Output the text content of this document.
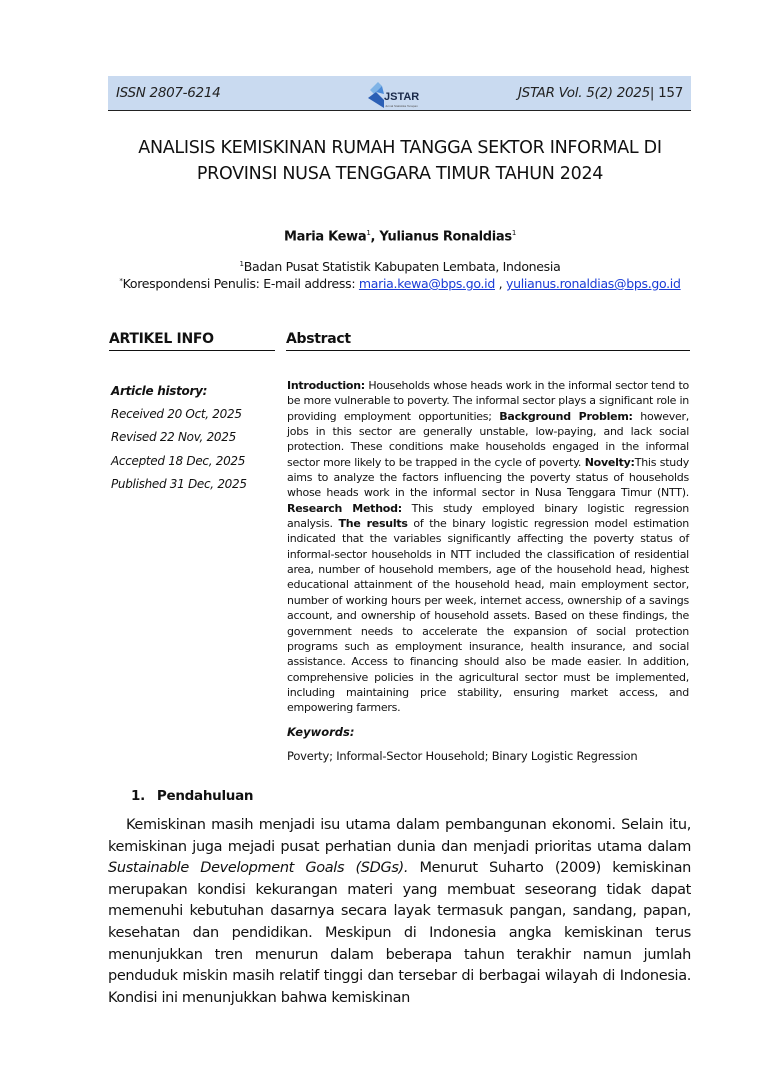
ISSN 2807-6214	JSTAR
Jurnal Statistika Terapan
JSTAR Vol. 5(2) 2025| 157
ANALISIS KEMISKINAN RUMAH TANGGA SEKTOR INFORMAL DI
PROVINSI NUSA TENGGARA TIMUR TAHUN 2024
Maria Kewa$^1$, Yulianus Ronaldias$^1$
$^1$Badan Pusat Statistik Kabupaten Lembata, Indonesia
*Korespondensi Penulis: E-mail address: maria.kewa@bps.go.id , yulianus.ronaldias@bps.go.id
ARTIKEL INFO	Abstract
Article history:
Received 20 Oct, 2025
Revised 22 Nov, 2025
Accepted 18 Dec, 2025
Published 31 Dec, 2025
Introduction: Households whose heads work in the informal sector tend to be more vulnerable to poverty. The informal sector plays a significant role in providing employment opportunities; Background Problem: however, jobs in this sector are generally unstable, low-paying, and lack social protection. These conditions make households engaged in the informal sector more likely to be trapped in the cycle of poverty. Novelty:This study aims to analyze the factors influencing the poverty status of households whose heads work in the informal sector in Nusa Tenggara Timur (NTT). Research Method: This study employed binary logistic regression analysis. The results of the binary logistic regression model estimation indicated that the variables significantly affecting the poverty status of informal-sector households in NTT included the classification of residential area, number of household members, age of the household head, highest educational attainment of the household head, main employment sector, number of working hours per week, internet access, ownership of a savings account, and ownership of household assets. Based on these findings, the government needs to accelerate the expansion of social protection programs such as employment insurance, health insurance, and social assistance. Access to financing should also be made easier. In addition, comprehensive policies in the agricultural sector must be implemented, including maintaining price stability, ensuring market access, and empowering farmers.
Keywords:
Poverty; Informal-Sector Household; Binary Logistic Regression
1. Pendahuluan
Kemiskinan masih menjadi isu utama dalam pembangunan ekonomi. Selain itu, kemiskinan juga mejadi pusat perhatian dunia dan menjadi prioritas utama dalam Sustainable Development Goals (SDGs). Menurut Suharto (2009) kemiskinan merupakan kondisi kekurangan materi yang membuat seseorang tidak dapat memenuhi kebutuhan dasarnya secara layak termasuk pangan, sandang, papan, kesehatan dan pendidikan. Meskipun di Indonesia angka kemiskinan terus menunjukkan tren menurun dalam beberapa tahun terakhir namun jumlah penduduk miskin masih relatif tinggi dan tersebar di berbagai wilayah di Indonesia. Kondisi ini menunjukkan bahwa kemiskinan
